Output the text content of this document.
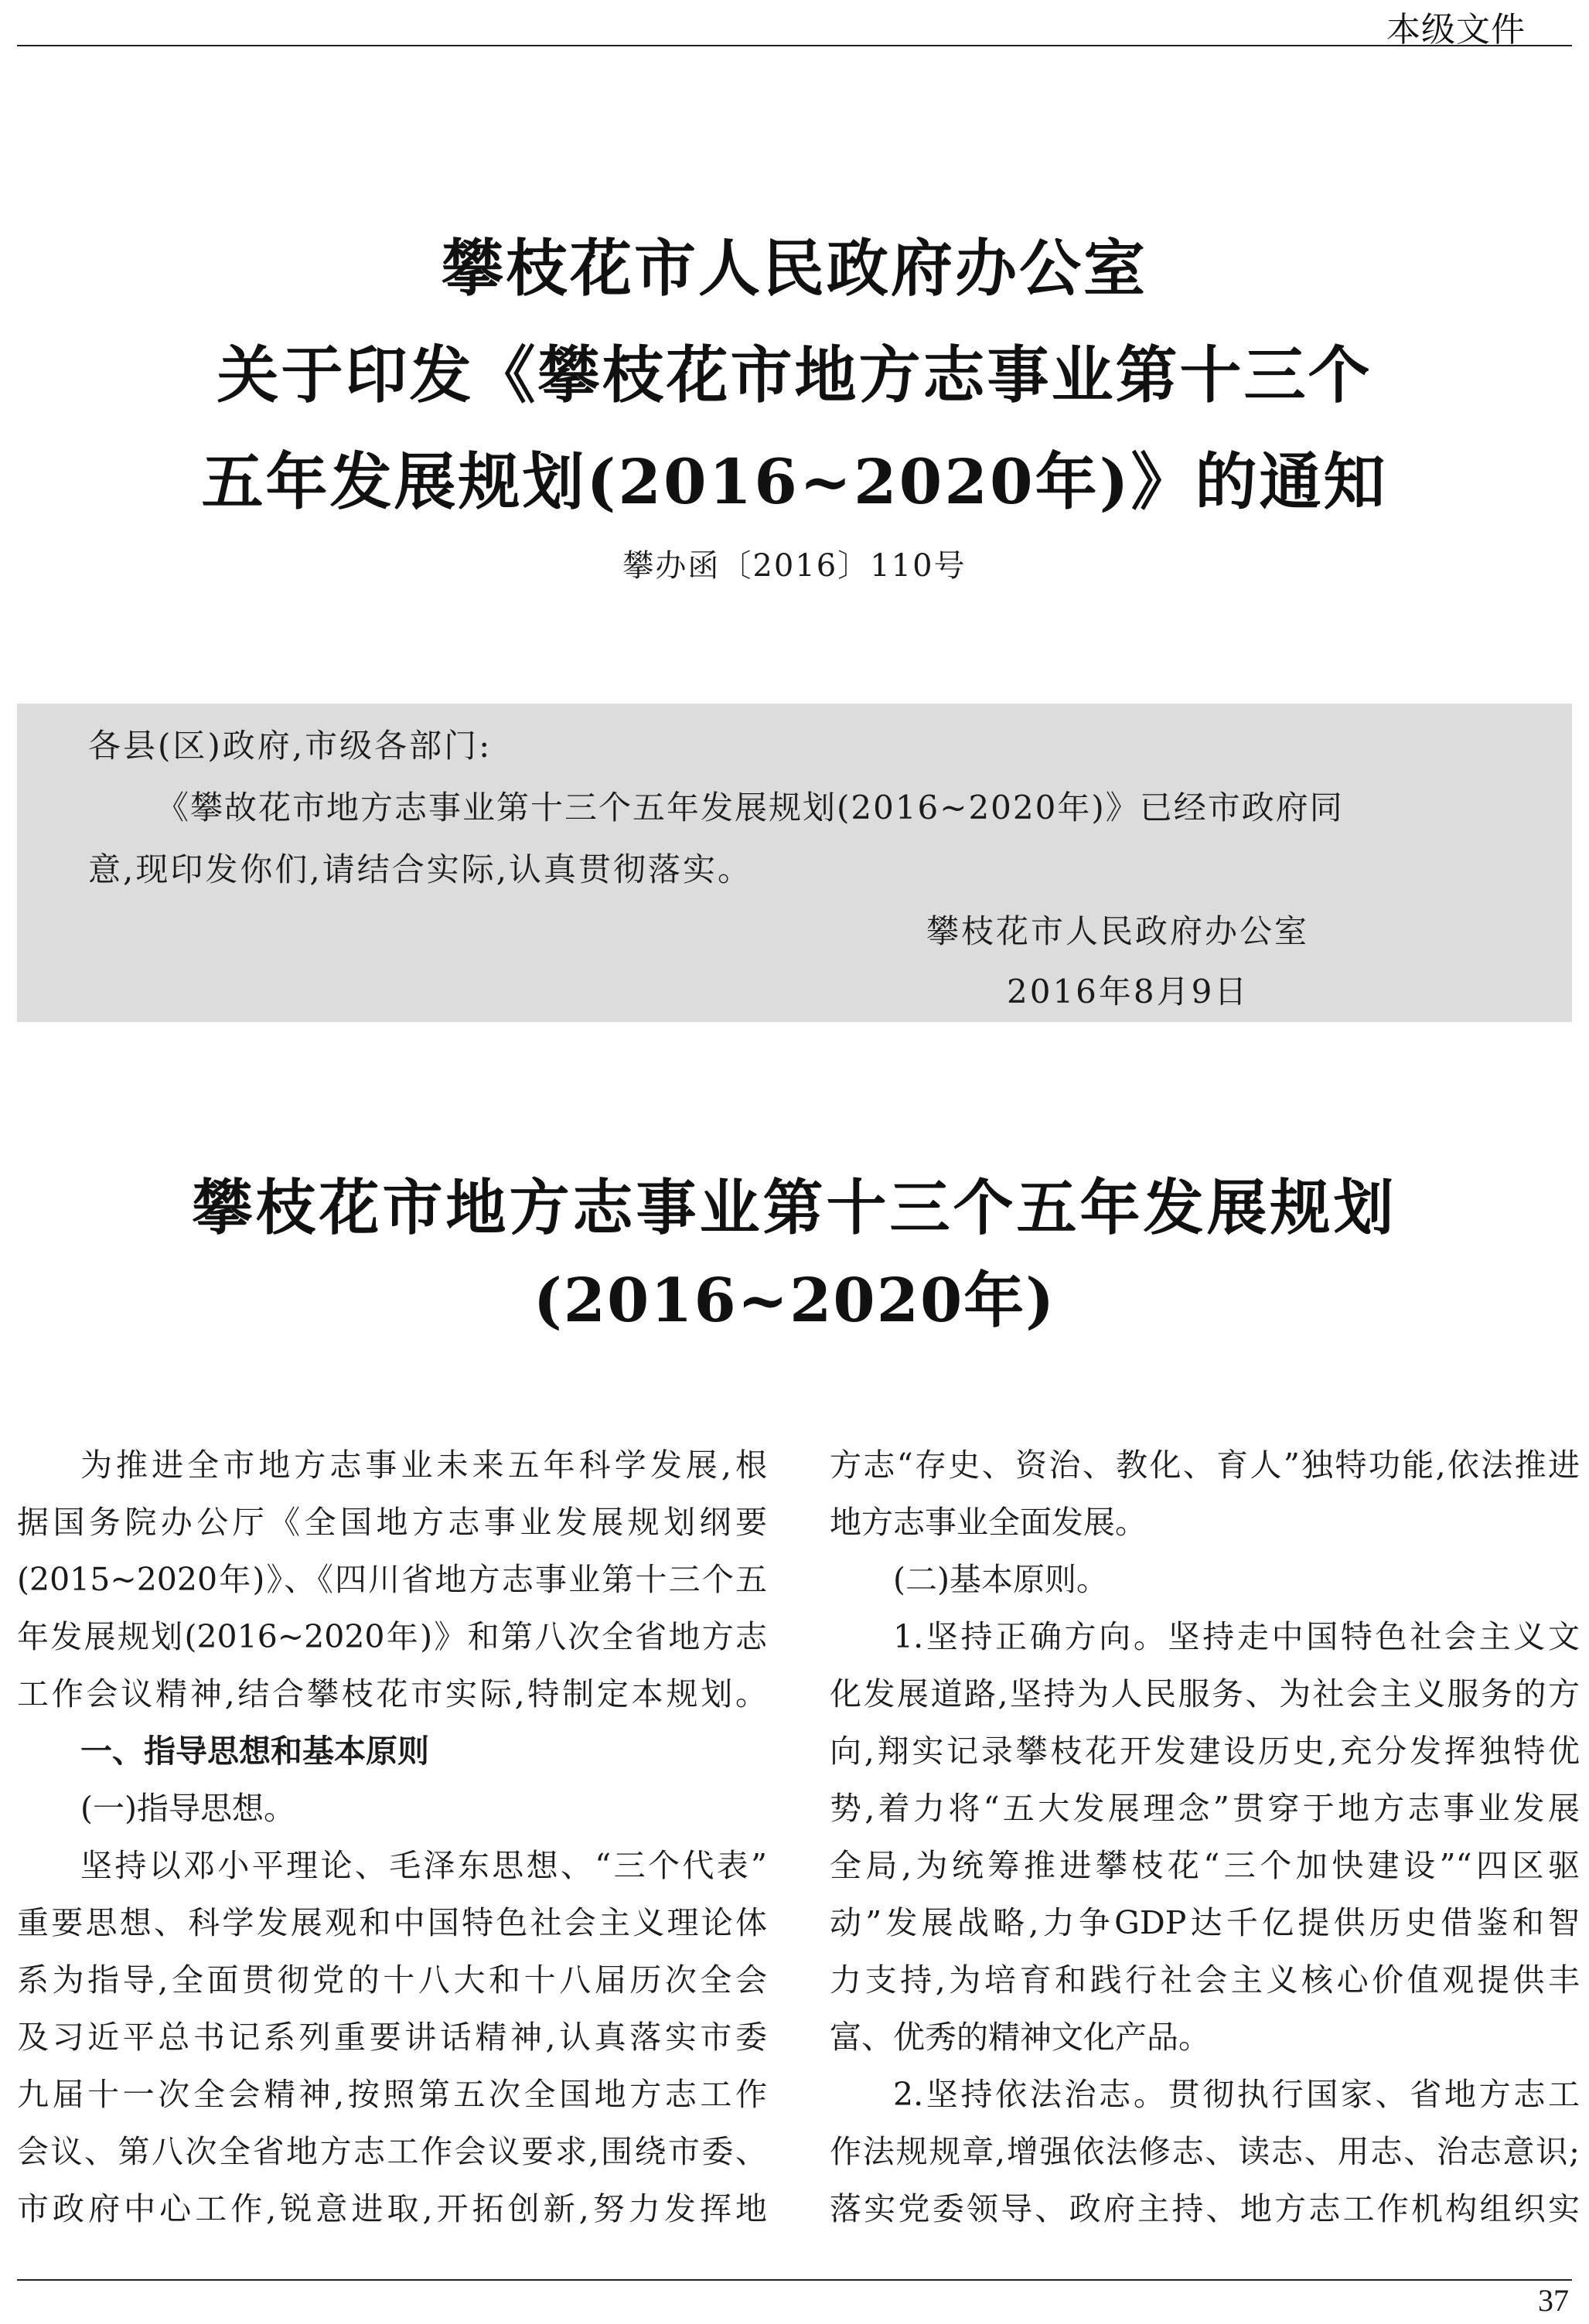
本级文件
攀枝花市人民政府办公室
关于印发《攀枝花市地方志事业第十三个
五年发展规划(2016~2020年)》的通知
攀办函〔2016〕110号
各县(区)政府,市级各部门:
《攀故花市地方志事业第十三个五年发展规划(2016~2020年)》已经市政府同
意,现印发你们,请结合实际,认真贯彻落实。
攀枝花市人民政府办公室
2016年8月9日
攀枝花市地方志事业第十三个五年发展规划
(2016~2020年)
为推进全市地方志事业未来五年科学发展,根
据国务院办公厅《全国地方志事业发展规划纲要
(2015~2020年)》、《四川省地方志事业第十三个五
年发展规划(2016~2020年)》和第八次全省地方志
工作会议精神,结合攀枝花市实际,特制定本规划。
一、指导思想和基本原则
(一)指导思想。
坚持以邓小平理论、毛泽东思想、“三个代表”
重要思想、科学发展观和中国特色社会主义理论体
系为指导,全面贯彻党的十八大和十八届历次全会
及习近平总书记系列重要讲话精神,认真落实市委
九届十一次全会精神,按照第五次全国地方志工作
会议、第八次全省地方志工作会议要求,围绕市委、
市政府中心工作,锐意进取,开拓创新,努力发挥地
方志“存史、资治、教化、育人”独特功能,依法推进
地方志事业全面发展。
(二)基本原则。
1.坚持正确方向。坚持走中国特色社会主义文
化发展道路,坚持为人民服务、为社会主义服务的方
向,翔实记录攀枝花开发建设历史,充分发挥独特优
势,着力将“五大发展理念”贯穿于地方志事业发展
全局,为统筹推进攀枝花“三个加快建设”“四区驱
动”发展战略,力争GDP达千亿提供历史借鉴和智
力支持,为培育和践行社会主义核心价值观提供丰
富、优秀的精神文化产品。
2.坚持依法治志。贯彻执行国家、省地方志工
作法规规章,增强依法修志、读志、用志、治志意识;
落实党委领导、政府主持、地方志工作机构组织实
37
